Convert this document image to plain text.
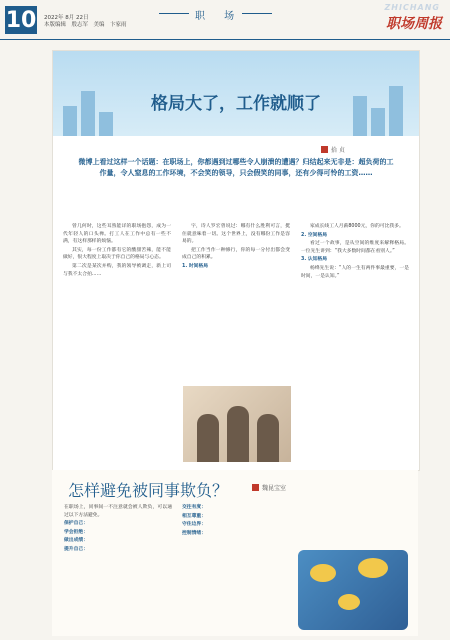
10 2022年 8月 22日
本版编辑　殷志军　美编　卞家雨
职 场
ZHICHANG
职场周报
格局大了，工作就顺了
拾 贞
微博上看过这样一个话题：在职场上，你都遇到过哪些令人崩溃的遭遇？归结起来无非是：超负荷的工作量，令人窒息的工作环境，不会笑的领导，只会假笑的同事，还有少得可怜的工资……

曾几何时，这些耳熟能详的职场抱怨，成为一代年轻人的口头禅。打工人在工作中总有一些不满，有这样那样的烦恼。

其实，每一份工作都有它的酸甜苦辣，能不能做好，很大程度上取决于你自己的格局与心态。

第二次是某次并购，我的领导被调走，新上司与我不太合拍……

字，诗人罗宏曾说过：哪有什么胜利可言，挺住就意味着一切。这个世界上，没有哪份工作是容易的。

把工作当作一种修行，你的每一分付出都会变成自己的积累。

1. 时间格局

家成长线工人月薪8000元，你的可比我多。

2. 空间格局

看过一个故事，是从空间的维度来解释格局。一位先生讲到：“我大多数时间都在看别人。”

3. 认知格局

杨绛先生说：“人的一生有两件事最重要，一是时间，一是认知。”

怎样避免被同事欺负？	魏昆宝室

在职场上，同事间一不注意就会被人欺负，可以通过以下方法避免。

保护自己：

学会拒绝：

做出成绩：

提升自己：

交往有度：

相互尊重：

守住边界：

控制情绪：
